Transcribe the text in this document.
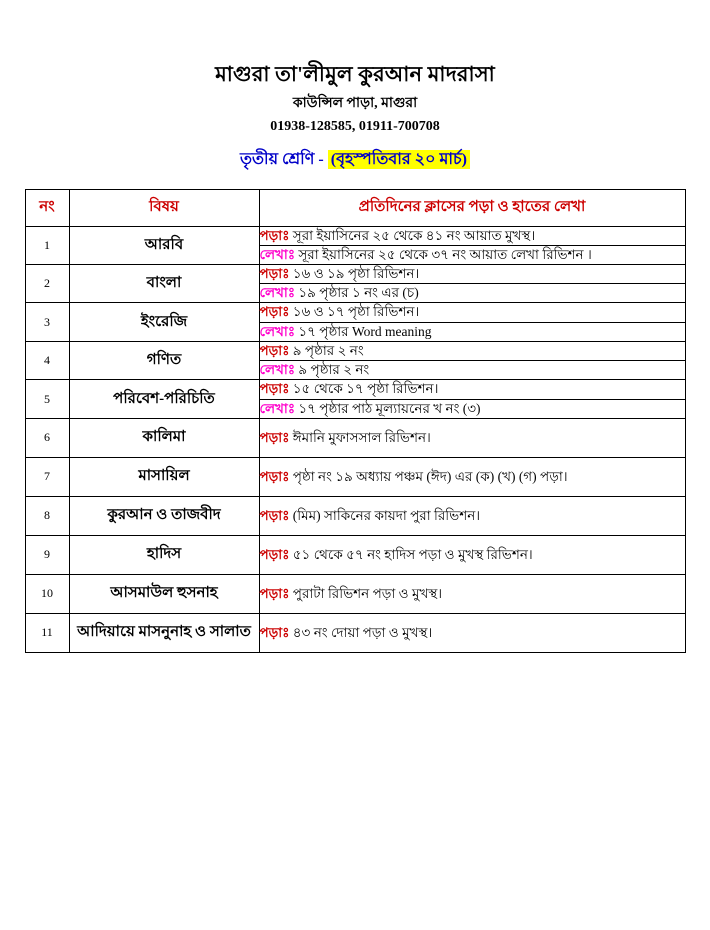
মাগুরা তা'লীমুল কুরআন মাদরাসা
কাউন্সিল পাড়া, মাগুরা
01938-128585, 01911-700708
তৃতীয় শ্রেণি - (বৃহস্পতিবার ২০ মার্চ)
নং	বিষয়	প্রতিদিনের ক্লাসের পড়া ও হাতের লেখা
1	আরবি	পড়াঃ সূরা ইয়াসিনের ২৫ থেকে ৪১ নং আয়াত মুখস্থ।
		লেখাঃ সূরা ইয়াসিনের ২৫ থেকে ৩৭ নং আয়াত লেখা রিভিশন ।
2	বাংলা	পড়াঃ ১৬ ও ১৯ পৃষ্ঠা রিভিশন।
		লেখাঃ ১৯ পৃষ্ঠার ১ নং এর (চ)
3	ইংরেজি	পড়াঃ ১৬ ও ১৭ পৃষ্ঠা রিভিশন।
		লেখাঃ ১৭ পৃষ্ঠার Word meaning
4	গণিত	পড়াঃ ৯ পৃষ্ঠার ২ নং
		লেখাঃ ৯ পৃষ্ঠার ২ নং
5	পরিবেশ-পরিচিতি	পড়াঃ ১৫ থেকে ১৭ পৃষ্ঠা রিভিশন।
		লেখাঃ ১৭ পৃষ্ঠার পাঠ মূল্যায়নের খ নং (৩)
6	কালিমা	পড়াঃ ঈমানি মুফাসসাল রিভিশন।
7	মাসায়িল	পড়াঃ পৃষ্ঠা নং ১৯ অধ্যায় পঞ্চম (ঈদ) এর (ক) (খ) (গ) পড়া।
8	কুরআন ও তাজবীদ	পড়াঃ (মিম) সাকিনের কায়দা পুরা রিভিশন।
9	হাদিস	পড়াঃ ৫১ থেকে ৫৭ নং হাদিস পড়া ও মুখস্থ রিভিশন।
10	আসমাউল হুসনাহ	পড়াঃ পুরাটা রিভিশন পড়া ও মুখস্থ।
11	আদিয়ায়ে মাসনুনাহ ও সালাত	পড়াঃ ৪৩ নং দোয়া পড়া ও মুখস্থ।
